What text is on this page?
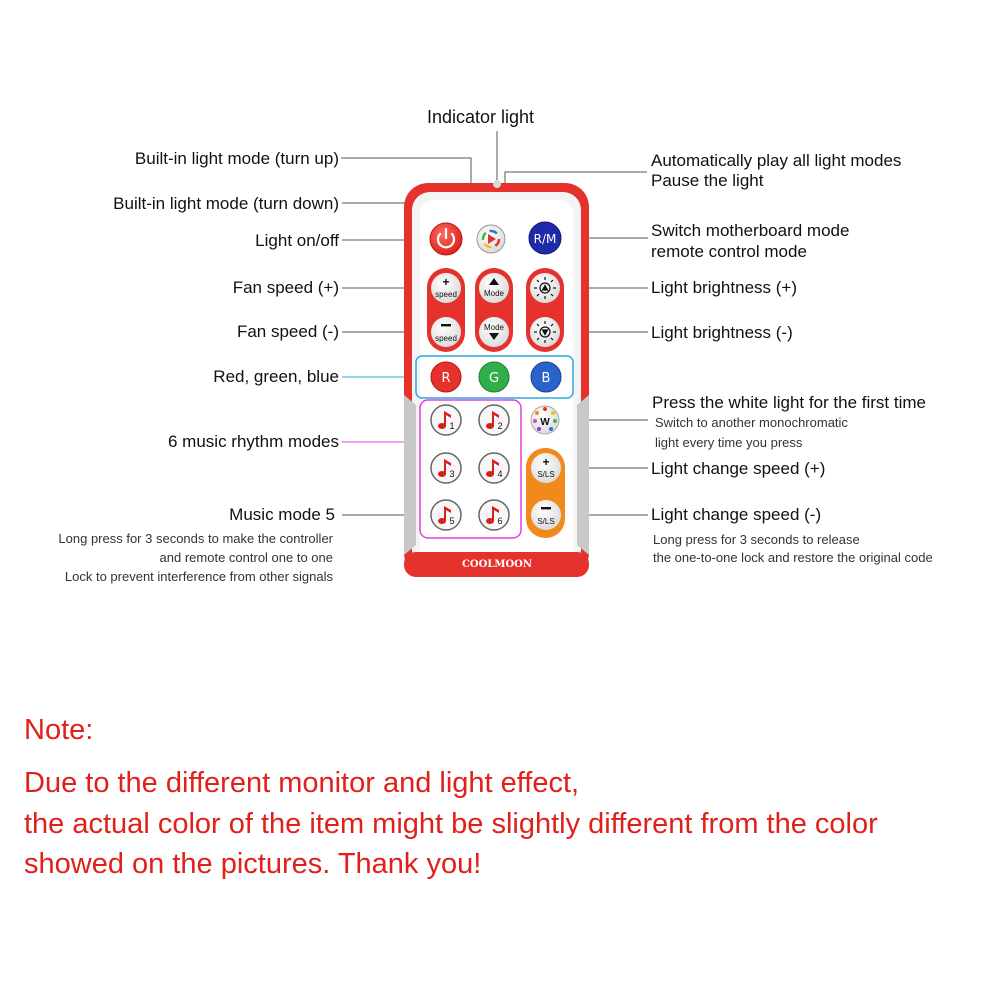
COOLMOON
R/M
+
speed
speed
Mode
Mode
R	G	B
1	2
3	4
5	6
W
+
S/LS
S/LS
Indicator light
Built-in light mode (turn up)
Built-in light mode (turn down)
Light on/off
Fan speed (+)
Fan speed (-)
Red, green, blue
6 music rhythm modes
Music mode 5
Long press for 3 seconds to make the controller
and remote control one to one
Lock to prevent interference from other signals
Automatically play all light modes
Pause the light
Switch motherboard mode
remote control mode
Light brightness (+)
Light brightness (-)
Press the white light for the first time
Switch to another monochromatic
light every time you press
Light change speed (+)
Light change speed (-)
Long press for 3 seconds to release
the one-to-one lock and restore the original code
Note:
Due to the different monitor and light effect,
the actual color of the item might be slightly different from the color
showed on the pictures. Thank you!
